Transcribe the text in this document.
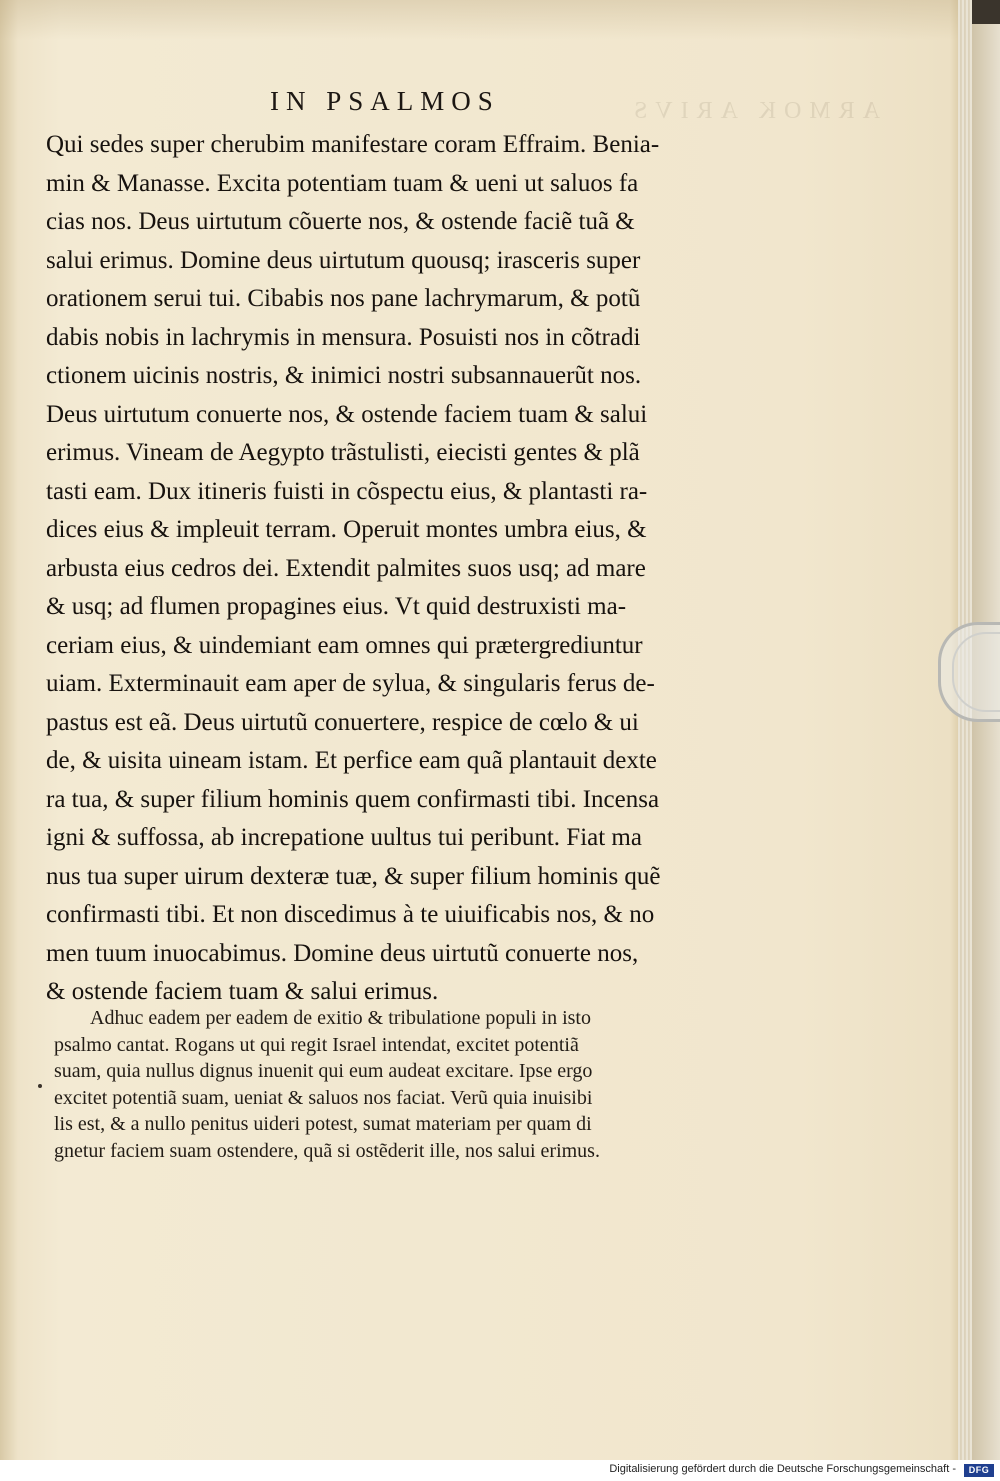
ARMOK ARIVS
IN PSALMOS
Qui sedes super cherubim manifestare coram Effraim. Benia-
min & Manasse. Excita potentiam tuam & ueni ut saluos fa
cias nos. Deus uirtutum cõuerte nos, & ostende faciẽ tuã &
salui erimus. Domine deus uirtutum quousq; irasceris super
orationem serui tui. Cibabis nos pane lachrymarum, & potũ
dabis nobis in lachrymis in mensura. Posuisti nos in cõtradi
ctionem uicinis nostris, & inimici nostri subsannauerũt nos.
Deus uirtutum conuerte nos, & ostende faciem tuam & salui
erimus. Vineam de Aegypto trãstulisti, eiecisti gentes & plã
tasti eam. Dux itineris fuisti in cõspectu eius, & plantasti ra-
dices eius & impleuit terram. Operuit montes umbra eius, &
arbusta eius cedros dei. Extendit palmites suos usq; ad mare
& usq; ad flumen propagines eius. Vt quid destruxisti ma-
ceriam eius, & uindemiant eam omnes qui prætergrediuntur
uiam. Exterminauit eam aper de sylua, & singularis ferus de-
pastus est eã. Deus uirtutũ conuertere, respice de cœlo & ui
de, & uisita uineam istam. Et perfice eam quã plantauit dexte
ra tua, & super filium hominis quem confirmasti tibi. Incensa
igni & suffossa, ab increpatione uultus tui peribunt. Fiat ma
nus tua super uirum dexteræ tuæ, & super filium hominis quẽ
confirmasti tibi. Et non discedimus à te uiuificabis nos, & no
men tuum inuocabimus. Domine deus uirtutũ conuerte nos,
& ostende faciem tuam & salui erimus.
Adhuc eadem per eadem de exitio & tribulatione populi in isto
psalmo cantat. Rogans ut qui regit Israel intendat, excitet potentiã
suam, quia nullus dignus inuenit qui eum audeat excitare. Ipse ergo
excitet potentiã suam, ueniat & saluos nos faciat. Verũ quia inuisibi
lis est, & a nullo penitus uideri potest, sumat materiam per quam di
gnetur faciem suam ostendere, quã si ostẽderit ille, nos salui erimus.
Digitalisierung gefördert durch die Deutsche Forschungsgemeinschaft -	DFG
